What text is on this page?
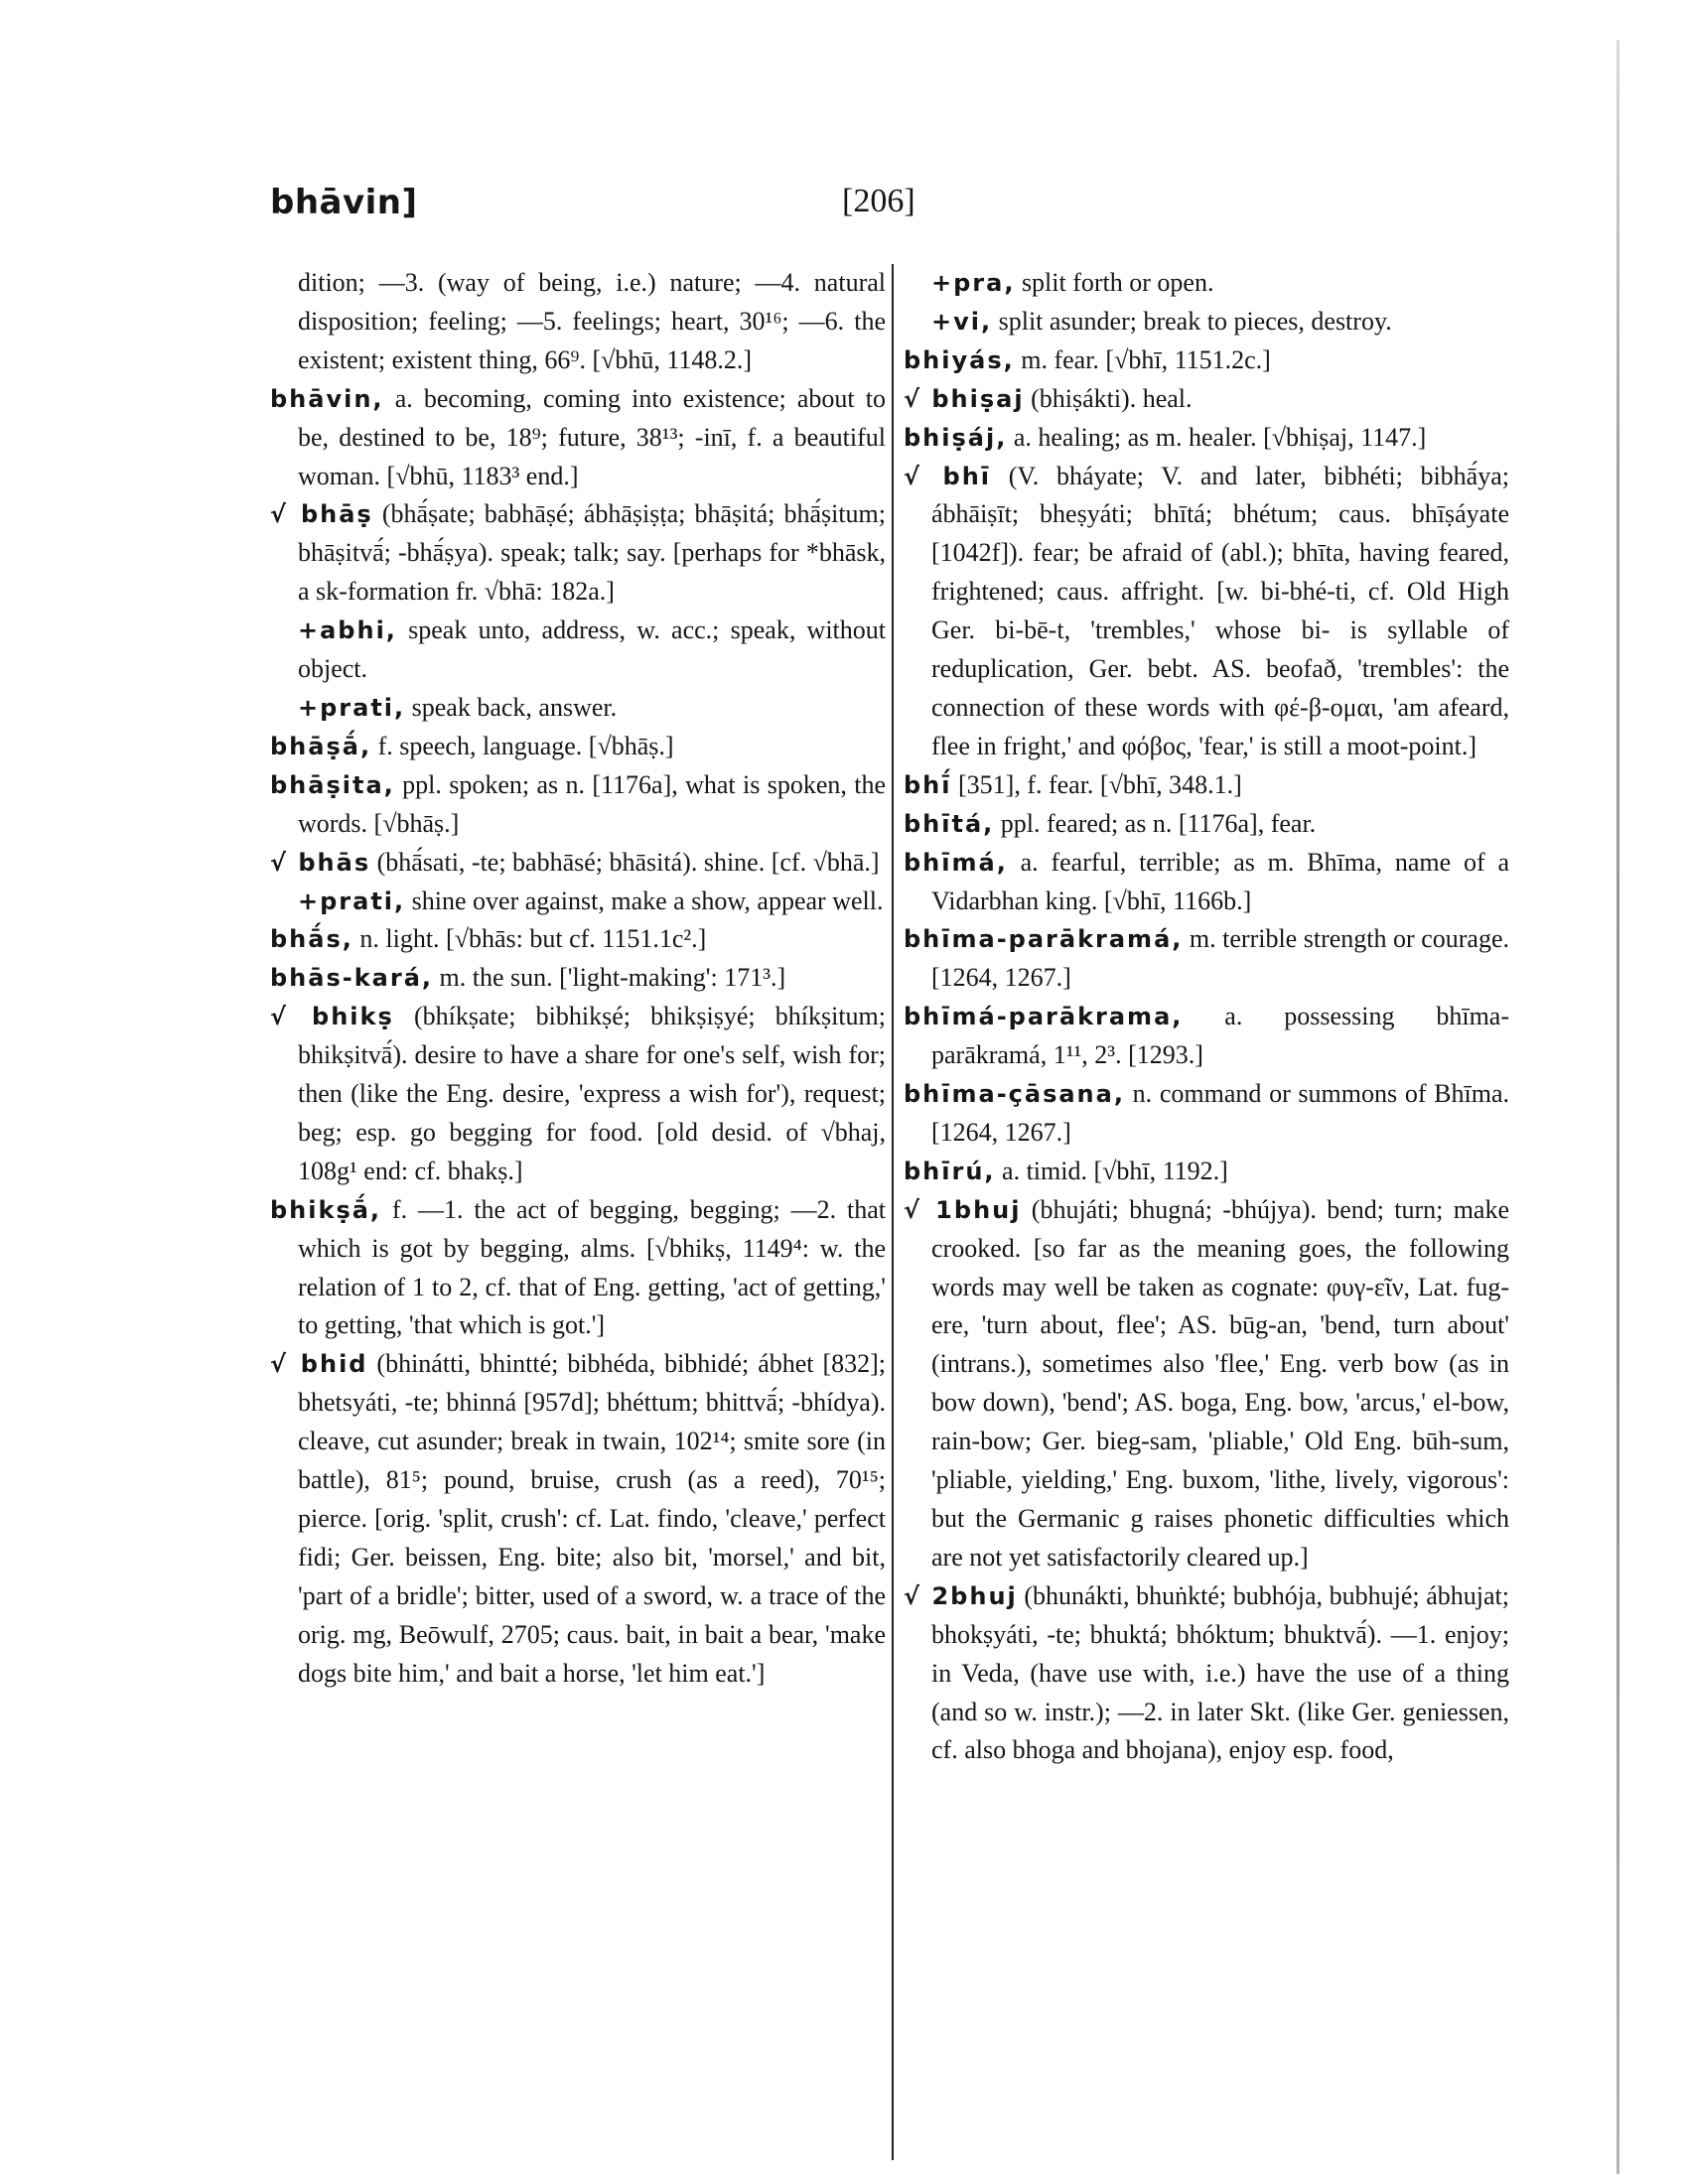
bhāvin]	[206]

dition; —3. (way of being, i.e.) nature; —4. natural disposition; feeling; —5. feelings; heart, 30¹⁶; —6. the existent; existent thing, 66⁹. [√bhū, 1148.2.]

bhāvin, a. becoming, coming into existence; about to be, destined to be, 18⁹; future, 38¹³; -inī, f. a beautiful woman. [√bhū, 1183³ end.]

√ bhāṣ (bhā́ṣate; babhāṣé; ábhāṣiṣṭa; bhāṣitá; bhā́ṣitum; bhāṣitvā́; -bhā́ṣya). speak; talk; say. [perhaps for *bhāsk, a sk-formation fr. √bhā: 182a.]

+abhi, speak unto, address, w. acc.; speak, without object.

+prati, speak back, answer.

bhāṣā́, f. speech, language. [√bhāṣ.]

bhāṣita, ppl. spoken; as n. [1176a], what is spoken, the words. [√bhāṣ.]

√ bhās (bhā́sati, -te; babhāsé; bhāsitá). shine. [cf. √bhā.]

+prati, shine over against, make a show, appear well.

bhā́s, n. light. [√bhās: but cf. 1151.1c².]

bhās-kará, m. the sun. ['light-making': 171³.]

√ bhikṣ (bhíkṣate; bibhikṣé; bhikṣiṣyé; bhíkṣitum; bhikṣitvā́). desire to have a share for one's self, wish for; then (like the Eng. desire, 'express a wish for'), request; beg; esp. go begging for food. [old desid. of √bhaj, 108g¹ end: cf. bhakṣ.]

bhikṣā́, f. —1. the act of begging, begging; —2. that which is got by begging, alms. [√bhikṣ, 1149⁴: w. the relation of 1 to 2, cf. that of Eng. getting, 'act of getting,' to getting, 'that which is got.']

√ bhid (bhinátti, bhintté; bibhéda, bibhidé; ábhet [832]; bhetsyáti, -te; bhinná [957d]; bhéttum; bhittvā́; -bhídya). cleave, cut asunder; break in twain, 102¹⁴; smite sore (in battle), 81⁵; pound, bruise, crush (as a reed), 70¹⁵; pierce. [orig. 'split, crush': cf. Lat. findo, 'cleave,' perfect fidi; Ger. beissen, Eng. bite; also bit, 'morsel,' and bit, 'part of a bridle'; bitter, used of a sword, w. a trace of the orig. mg, Beōwulf, 2705; caus. bait, in bait a bear, 'make dogs bite him,' and bait a horse, 'let him eat.']

+pra, split forth or open.

+vi, split asunder; break to pieces, destroy.

bhiyás, m. fear. [√bhī, 1151.2c.]

√ bhiṣaj (bhiṣákti). heal.

bhiṣáj, a. healing; as m. healer. [√bhiṣaj, 1147.]

√ bhī (V. bháyate; V. and later, bibhéti; bibhā́ya; ábhāiṣīt; bheṣyáti; bhītá; bhétum; caus. bhīṣáyate [1042f]). fear; be afraid of (abl.); bhīta, having feared, frightened; caus. affright. [w. bi-bhé-ti, cf. Old High Ger. bi-bē-t, 'trembles,' whose bi- is syllable of reduplication, Ger. bebt. AS. beofað, 'trembles': the connection of these words with φέ-β-ομαι, 'am afeard, flee in fright,' and φόβος, 'fear,' is still a moot-point.]

bhī́ [351], f. fear. [√bhī, 348.1.]

bhītá, ppl. feared; as n. [1176a], fear.

bhīmá, a. fearful, terrible; as m. Bhīma, name of a Vidarbhan king. [√bhī, 1166b.]

bhīma-parākramá, m. terrible strength or courage. [1264, 1267.]

bhīmá-parākrama, a. possessing bhīma-parākramá, 1¹¹, 2³. [1293.]

bhīma-çāsana, n. command or summons of Bhīma. [1264, 1267.]

bhīrú, a. timid. [√bhī, 1192.]

√ 1bhuj (bhujáti; bhugná; -bhújya). bend; turn; make crooked. [so far as the meaning goes, the following words may well be taken as cognate: φυγ-εῖν, Lat. fug-ere, 'turn about, flee'; AS. būg-an, 'bend, turn about' (intrans.), sometimes also 'flee,' Eng. verb bow (as in bow down), 'bend'; AS. boga, Eng. bow, 'arcus,' el-bow, rain-bow; Ger. bieg-sam, 'pliable,' Old Eng. būh-sum, 'pliable, yielding,' Eng. buxom, 'lithe, lively, vigorous': but the Germanic g raises phonetic difficulties which are not yet satisfactorily cleared up.]

√ 2bhuj (bhunákti, bhuṅkté; bubhója, bubhujé; ábhujat; bhokṣyáti, -te; bhuktá; bhóktum; bhuktvā́). —1. enjoy; in Veda, (have use with, i.e.) have the use of a thing (and so w. instr.); —2. in later Skt. (like Ger. geniessen, cf. also bhoga and bhojana), enjoy esp. food,
